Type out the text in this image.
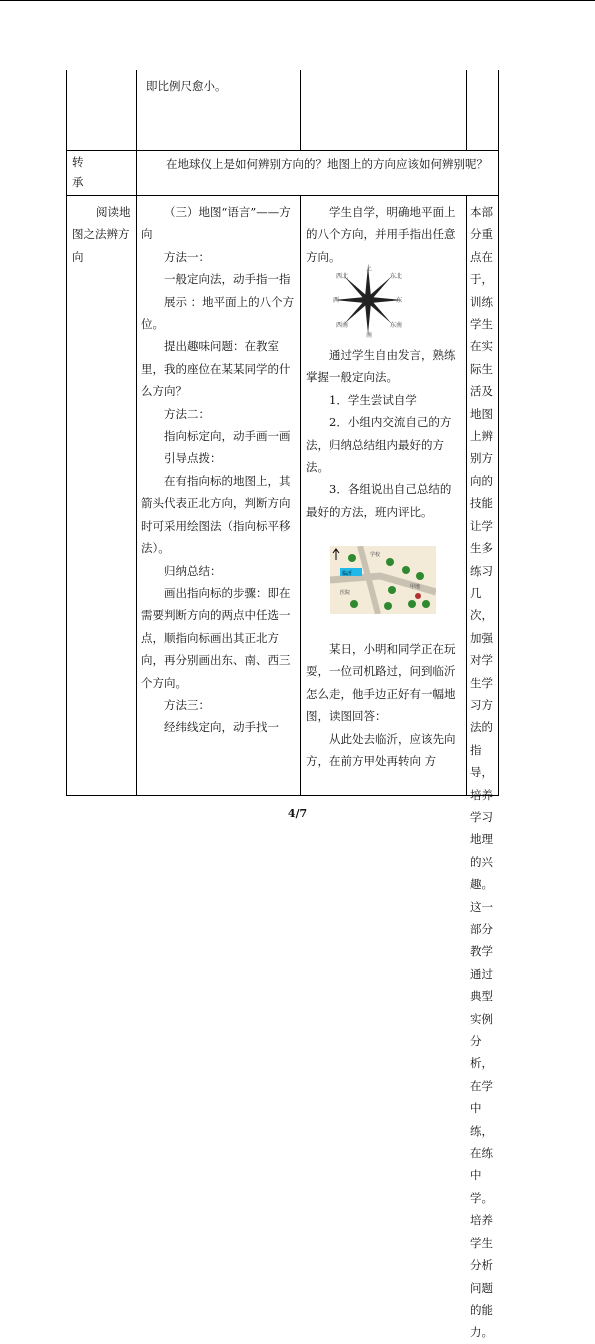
即比例尺愈小。
转
承
在地球仪上是如何辨别方向的？地图上的方向应该如何辨别呢？
阅读地图之法辨方向

（三）地图“语言”——方向

方法一：

一般定向法，动手指一指

展示 ：地平面上的八个方位。

提出趣味问题：在教室里，我的座位在某某同学的什么方向？

方法二：

指向标定向，动手画一画

引导点拨：

在有指向标的地图上，其箭头代表正北方向，判断方向时可采用绘图法（指向标平移法）。

归纳总结：

画出指向标的步骤：即在需要判断方向的两点中任选一点，顺指向标画出其正北方向，再分别画出东、南、西三个方向。

方法三：

经纬线定向，动手找一

学生自学，明确地平面上的八个方向，并用手指出任意方向。
上
南
东
西
东北
西北
东南
西南

通过学生自由发言，熟练掌握一般定向法。

1．学生尝试自学

2．小组内交流自己的方法，归纳总结组内最好的方法。

3．各组说出自己总结的最好的方法，班内评比。

临沂
学校
医院
甲地

某日，小明和同学正在玩耍，一位司机路过，问到临沂怎么走，他手边正好有一幅地图，读图回答：

从此处去临沂，应该先向 方，在前方甲处再转向 方

本部分重点在于，训练学生在实际生活及地图上辨别方向的技能让学生多练习几次，加强对学生学习方法的指导，培养学习地理的兴趣。这一部分教学通过典型实例分析，在学中练，在练中学。培养学生分析问题的能力。
4/7
